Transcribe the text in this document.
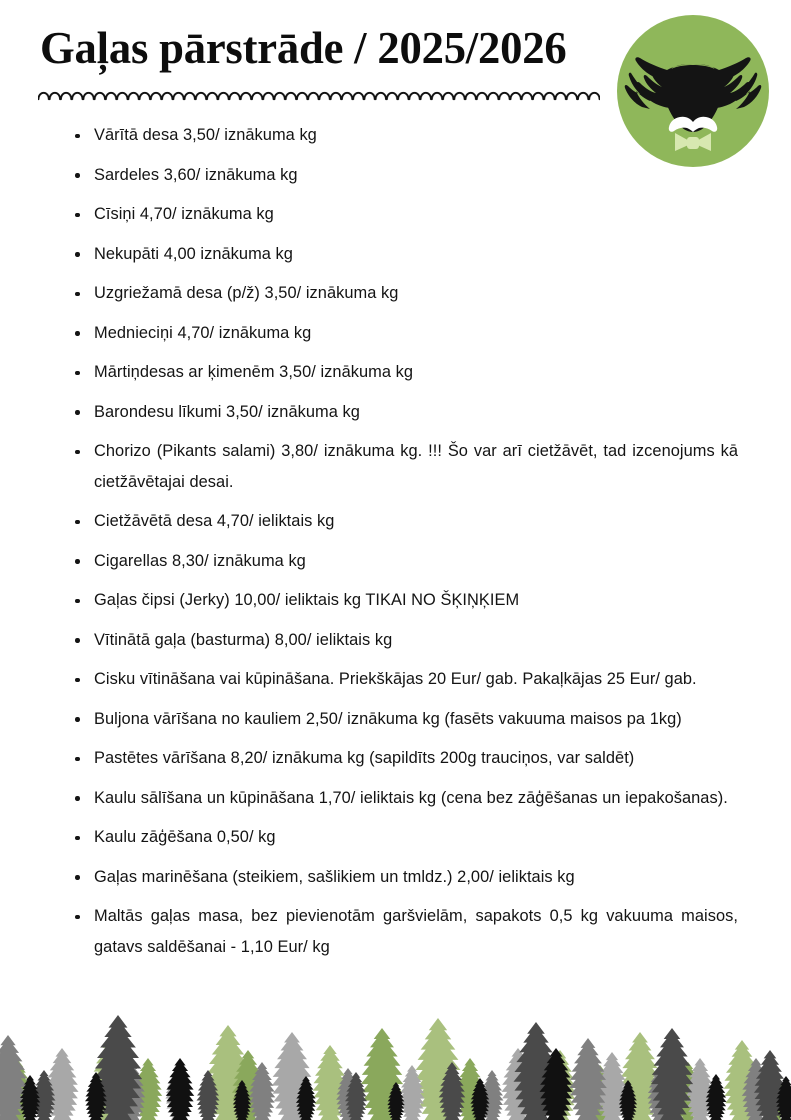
Gaļas pārstrāde / 2025/2026
Vārītā desa 3,50/ iznākuma kg
Sardeles 3,60/ iznākuma kg
Cīsiņi 4,70/ iznākuma kg
Nekupāti 4,00 iznākuma kg
Uzgriežamā desa (p/ž) 3,50/ iznākuma kg
Mednieciņi 4,70/ iznākuma kg
Mārtiņdesas ar ķimenēm 3,50/ iznākuma kg
Barondesu līkumi 3,50/ iznākuma kg
Chorizo (Pikants salami) 3,80/ iznākuma kg. !!! Šo var arī cietžāvēt, tad izcenojums kā cietžāvētajai desai.
Cietžāvētā desa 4,70/ ieliktais kg
Cigarellas 8,30/ iznākuma kg
Gaļas čipsi (Jerky) 10,00/ ieliktais kg TIKAI NO ŠĶIŅĶIEM
Vītinātā gaļa (basturma) 8,00/ ieliktais kg
Cisku vītināšana vai kūpināšana. Priekškājas 20 Eur/ gab. Pakaļkājas 25 Eur/ gab.
Buljona vārīšana no kauliem 2,50/ iznākuma kg (fasēts vakuuma maisos pa 1kg)
Pastētes vārīšana 8,20/ iznākuma kg (sapildīts 200g trauciņos, var saldēt)
Kaulu sālīšana un kūpināšana 1,70/ ieliktais kg (cena bez zāģēšanas un iepakošanas).
Kaulu zāģēšana 0,50/ kg
Gaļas marinēšana (steikiem, sašlikiem un tmldz.) 2,00/ ieliktais kg
Maltās gaļas masa, bez pievienotām garšvielām, sapakots 0,5 kg vakuuma maisos, gatavs saldēšanai - 1,10 Eur/ kg
